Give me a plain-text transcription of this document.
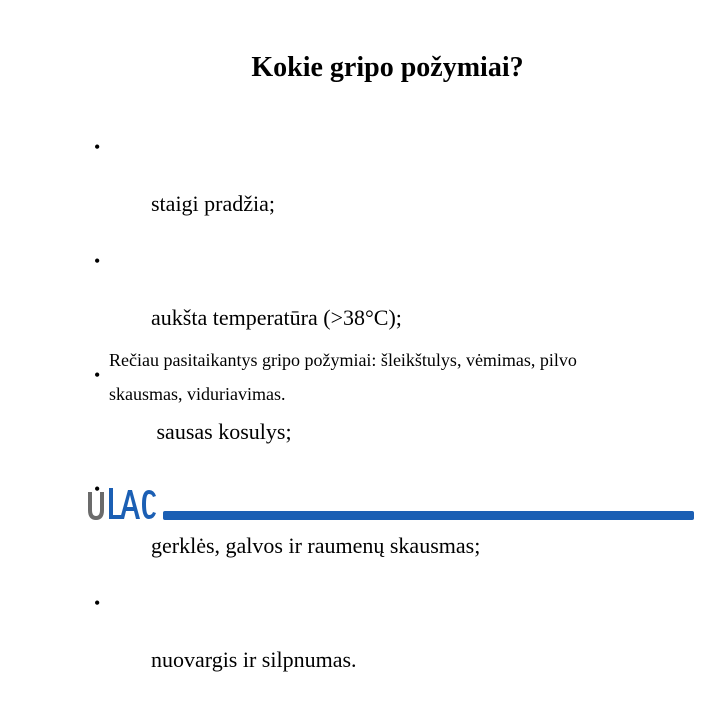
Kokie gripo požymiai?

•

staigi pradžia;

•

aukšta temperatūra (>38°C);

•

sausas kosulys;

•

gerklės, galvos ir raumenų skausmas;

•

nuovargis ir silpnumas.

Rečiau pasitaikantys gripo požymiai: šleikštulys, vėmimas, pilvo skausmas, viduriavimas.
